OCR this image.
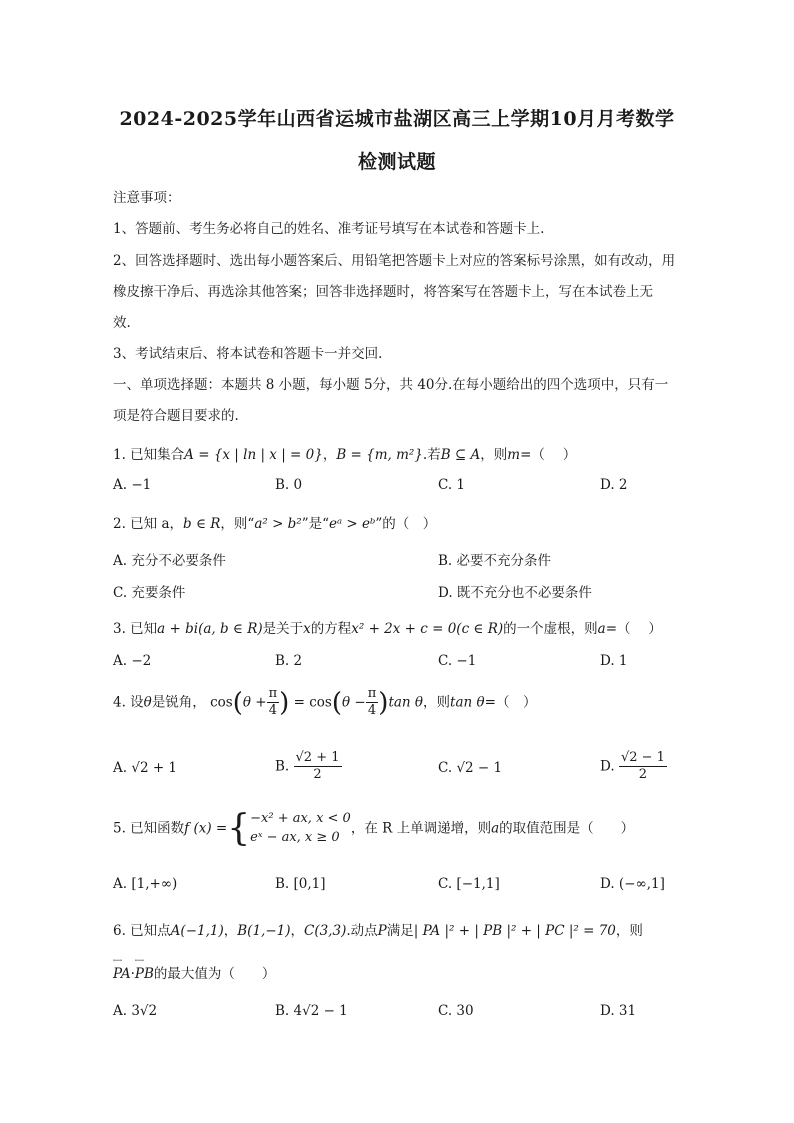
2024-2025学年山西省运城市盐湖区高三上学期10月月考数学
检测试题
注意事项：
1、答题前、考生务必将自己的姓名、准考证号填写在本试卷和答题卡上.
2、回答选择题时、选出每小题答案后、用铅笔把答题卡上对应的答案标号涂黑，如有改动，用
橡皮擦干净后、再选涂其他答案；回答非选择题时，将答案写在答题卡上，写在本试卷上无
效.
3、考试结束后、将本试卷和答题卡一并交回.
一、单项选择题：本题共 8 小题，每小题 5分，共 40分.在每小题给出的四个选项中，只有一
项是符合题目要求的.
1. 已知集合A = {x | ln | x | = 0}，B = {m, m²}.若B ⊆ A，则m=（　 ）
A. −1	B. 0	C. 1	D. 2
2. 已知 a，b ∈ R，则“a² > b²”是“eᵃ > eᵇ”的（　）
A. 充分不必要条件	B. 必要不充分条件
C. 充要条件	D. 既不充分也不必要条件
3. 已知a + bi(a, b ∈ R)是关于x的方程x² + 2x + c = 0(c ∈ R)的一个虚根，则a=（　 ）
A. −2	B. 2	C. −1	D. 1
4. 设θ是锐角， $\cos(\theta + \frac{\pi}{4}$ ) = $\cos(\theta - \frac{\pi}{4} )\tan$ θ，则tan θ=（　）
A. √2 + 1	B. $\frac{√2 + 1}{2}$	C. √2 − 1	D. $\frac{√2 - 1}{2}$
5. 已知函数f (x) ={ −x² + ax, x < 0
eˣ − ax, x ≥ 0
，在 R 上单调递增，则a的取值范围是（　　）
A. [1,+∞)	B. [0,1]	C. [−1,1]	D. (−∞,1]
6. 已知点A(−1,1)，B(1,−1)，C(3,3).动点P满足| PA |² + | PB |² + | PC |² = 70，则
←→ PA·←→ PB的最大值为（　　）
A. 3√2	B. 4√2 − 1	C. 30	D. 31
